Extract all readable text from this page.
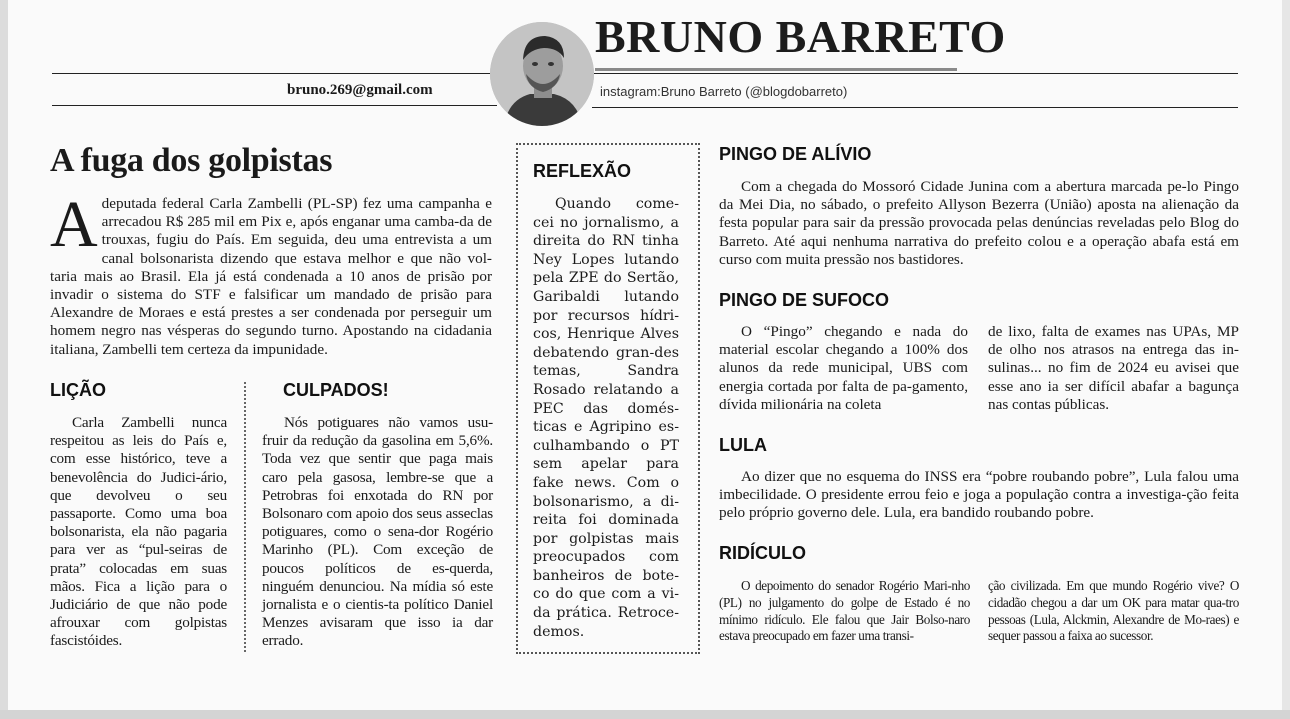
BRUNO BARRETO
bruno.269@gmail.com	instagram:Bruno Barreto (@blogdobarreto)
A fuga dos golpistas

Adeputada federal Carla Zambelli (PL-SP) fez uma campanha e arrecadou R$ 285 mil em Pix e, após enganar uma camba-da de trouxas, fugiu do País. Em seguida, deu uma entrevista a um canal bolsonarista dizendo que estava melhor e que não vol-taria mais ao Brasil. Ela já está condenada a 10 anos de prisão por invadir o sistema do STF e falsificar um mandado de prisão para Alexandre de Moraes e está prestes a ser condenada por perseguir um homem negro nas vésperas do segundo turno. Apostando na cidadania italiana, Zambelli tem certeza da impunidade.

LIÇÃO

Carla Zambelli nunca respeitou as leis do País e, com esse histórico, teve a benevolência do Judici-ário, que devolveu o seu passaporte. Como uma boa bolsonarista, ela não pagaria para ver as “pul-seiras de prata” colocadas em suas mãos. Fica a lição para o Judiciário de que não pode afrouxar com golpistas fascistóides.

CULPADOS!

Nós potiguares não vamos usu-fruir da redução da gasolina em 5,6%. Toda vez que sentir que paga mais caro pela gasosa, lembre-se que a Petrobras foi enxotada do RN por Bolsonaro com apoio dos seus asseclas potiguares, como o sena-dor Rogério Marinho (PL). Com exceção de poucos políticos de es-querda, ninguém denunciou. Na mídia só este jornalista e o cientis-ta político Daniel Menzes avisaram que isso ia dar errado.

REFLEXÃO

Quando come-cei no jornalismo, a direita do RN tinha Ney Lopes lutando pela ZPE do Sertão, Garibaldi lutando por recursos hídri-cos, Henrique Alves debatendo gran-des temas, Sandra Rosado relatando a PEC das domés-ticas e Agripino es-culhambando o PT sem apelar para fake news. Com o bolsonarismo, a di-reita foi dominada por golpistas mais preocupados com banheiros de bote-co do que com a vi-da prática. Retroce-demos.

PINGO DE ALÍVIO

Com a chegada do Mossoró Cidade Junina com a abertura marcada pe-lo Pingo da Mei Dia, no sábado, o prefeito Allyson Bezerra (União) aposta na alienação da festa popular para sair da pressão provocada pelas denúncias reveladas pelo Blog do Barreto. Até aqui nenhuma narrativa do prefeito colou e a operação abafa está em curso com muita pressão nos bastidores.

PINGO DE SUFOCO

O “Pingo” chegando e nada do material escolar chegando a 100% dos alunos da rede municipal, UBS com energia cortada por falta de pa-gamento, dívida milionária na coleta

de lixo, falta de exames nas UPAs, MP de olho nos atrasos na entrega das in-sulinas... no fim de 2024 eu avisei que esse ano ia ser difícil abafar a bagunça nas contas públicas.

LULA

Ao dizer que no esquema do INSS era “pobre roubando pobre”, Lula falou uma imbecilidade. O presidente errou feio e joga a população contra a investiga-ção feita pelo próprio governo dele. Lula, era bandido roubando pobre.

RIDÍCULO

O depoimento do senador Rogério Mari-nho (PL) no julgamento do golpe de Estado é no mínimo ridículo. Ele falou que Jair Bolso-naro estava preocupado em fazer uma transi-

ção civilizada. Em que mundo Rogério vive? O cidadão chegou a dar um OK para matar qua-tro pessoas (Lula, Alckmin, Alexandre de Mo-raes) e sequer passou a faixa ao sucessor.
